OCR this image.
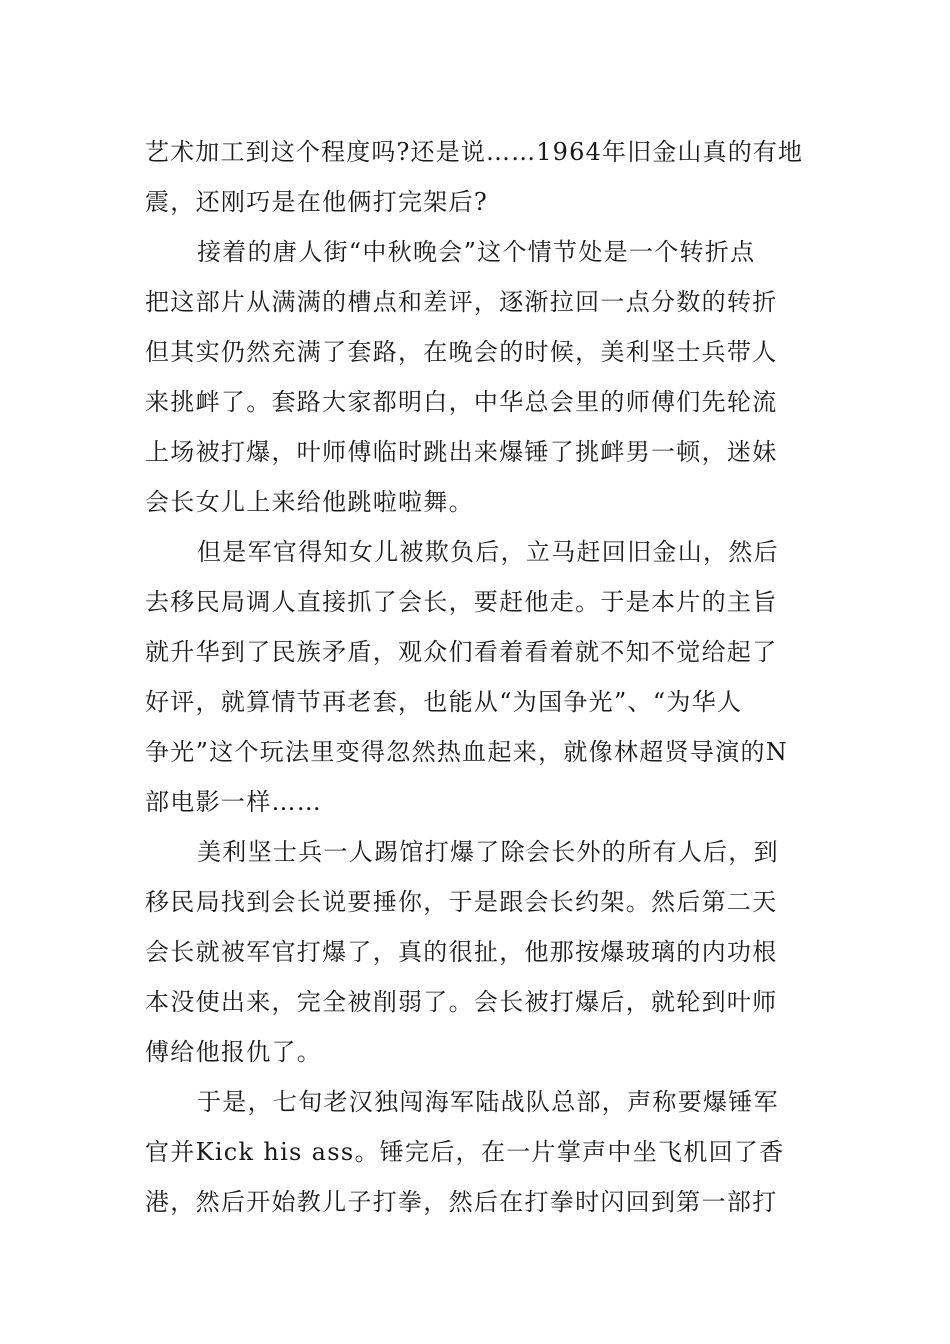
艺术加工到这个程度吗?还是说……1964年旧金山真的有地
震，还刚巧是在他俩打完架后?
接着的唐人街“中秋晚会”这个情节处是一个转折点
把这部片从满满的槽点和差评，逐渐拉回一点分数的转折
但其实仍然充满了套路，在晚会的时候，美利坚士兵带人
来挑衅了。套路大家都明白，中华总会里的师傅们先轮流
上场被打爆，叶师傅临时跳出来爆锤了挑衅男一顿，迷妹
会长女儿上来给他跳啦啦舞。
但是军官得知女儿被欺负后，立马赶回旧金山，然后
去移民局调人直接抓了会长，要赶他走。于是本片的主旨
就升华到了民族矛盾，观众们看着看着就不知不觉给起了
好评，就算情节再老套，也能从“为国争光”、“为华人
争光”这个玩法里变得忽然热血起来，就像林超贤导演的N
部电影一样……
美利坚士兵一人踢馆打爆了除会长外的所有人后，到
移民局找到会长说要捶你，于是跟会长约架。然后第二天
会长就被军官打爆了，真的很扯，他那按爆玻璃的内功根
本没使出来，完全被削弱了。会长被打爆后，就轮到叶师
傅给他报仇了。
于是，七旬老汉独闯海军陆战队总部，声称要爆锤军
官并Kick his ass。锤完后，在一片掌声中坐飞机回了香
港，然后开始教儿子打拳，然后在打拳时闪回到第一部打
